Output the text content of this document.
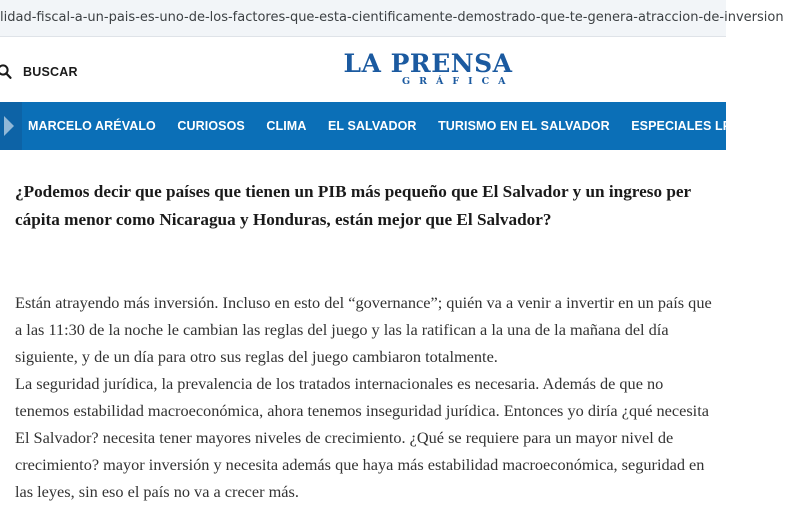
lidad-fiscal-a-un-pais-es-uno-de-los-factores-que-esta-cientificamente-demostrado-que-te-genera-atraccion-de-inversion
BUSCAR	LA PRENSA
GRÁFICA
MARCELO ARÉVALO CURIOSOS CLIMA EL SALVADOR TURISMO EN EL SALVADOR ESPECIALES LPG DEI

¿Podemos decir que países que tienen un PIB más pequeño que El Salvador y un ingreso per cápita menor como Nicaragua y Honduras, están mejor que El Salvador?

Están atrayendo más inversión. Incluso en esto del “governance”; quién va a venir a invertir en un país que a las 11:30 de la noche le cambian las reglas del juego y las la ratifican a la una de la mañana del día siguiente, y de un día para otro sus reglas del juego cambiaron totalmente.

La seguridad jurídica, la prevalencia de los tratados internacionales es necesaria. Además de que no tenemos estabilidad macroeconómica, ahora tenemos inseguridad jurídica. Entonces yo diría ¿qué necesita El Salvador? necesita tener mayores niveles de crecimiento. ¿Qué se requiere para un mayor nivel de crecimiento? mayor inversión y necesita además que haya más estabilidad macroeconómica, seguridad en las leyes, sin eso el país no va a crecer más.
